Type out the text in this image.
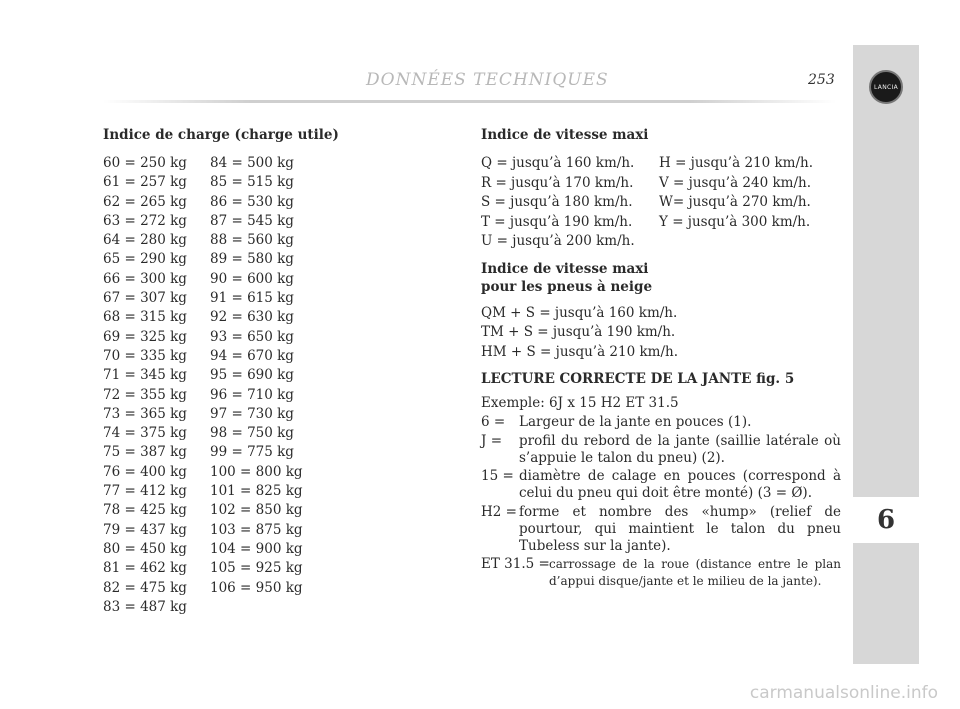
LANCIA
6
DONNÉES TECHNIQUES	253
Indice de charge (charge utile)
60 = 250 kg	84 = 500 kg
61 = 257 kg	85 = 515 kg
62 = 265 kg	86 = 530 kg
63 = 272 kg	87 = 545 kg
64 = 280 kg	88 = 560 kg
65 = 290 kg	89 = 580 kg
66 = 300 kg	90 = 600 kg
67 = 307 kg	91 = 615 kg
68 = 315 kg	92 = 630 kg
69 = 325 kg	93 = 650 kg
70 = 335 kg	94 = 670 kg
71 = 345 kg	95 = 690 kg
72 = 355 kg	96 = 710 kg
73 = 365 kg	97 = 730 kg
74 = 375 kg	98 = 750 kg
75 = 387 kg	99 = 775 kg
76 = 400 kg	100 = 800 kg
77 = 412 kg	101 = 825 kg
78 = 425 kg	102 = 850 kg
79 = 437 kg	103 = 875 kg
80 = 450 kg	104 = 900 kg
81 = 462 kg	105 = 925 kg
82 = 475 kg	106 = 950 kg
83 = 487 kg
Indice de vitesse maxi
Q = jusqu’à 160 km/h.	H = jusqu’à 210 km/h.
R = jusqu’à 170 km/h.	V = jusqu’à 240 km/h.
S = jusqu’à 180 km/h.	W= jusqu’à 270 km/h.
T = jusqu’à 190 km/h.	Y = jusqu’à 300 km/h.
U = jusqu’à 200 km/h.
Indice de vitesse maxi
pour les pneus à neige
QM + S = jusqu’à 160 km/h.
TM + S = jusqu’à 190 km/h.
HM + S = jusqu’à 210 km/h.
LECTURE CORRECTE DE LA JANTE fig. 5
Exemple: 6J x 15 H2 ET 31.5
6 =	Largeur de la jante en pouces (1).
J =	profil du rebord de la jante (saillie latérale où s’appuie le talon du pneu) (2).
15 = diamètre de calage en pouces (correspond à celui du pneu qui doit être monté) (3 = Ø).
H2 = forme et nombre des «hump» (relief de pourtour, qui maintient le talon du pneu Tubeless sur la jante).
ET 31.5 = carrossage de la roue (distance entre le plan d’appui disque/jante et le milieu de la jante).
carmanualsonline.info
